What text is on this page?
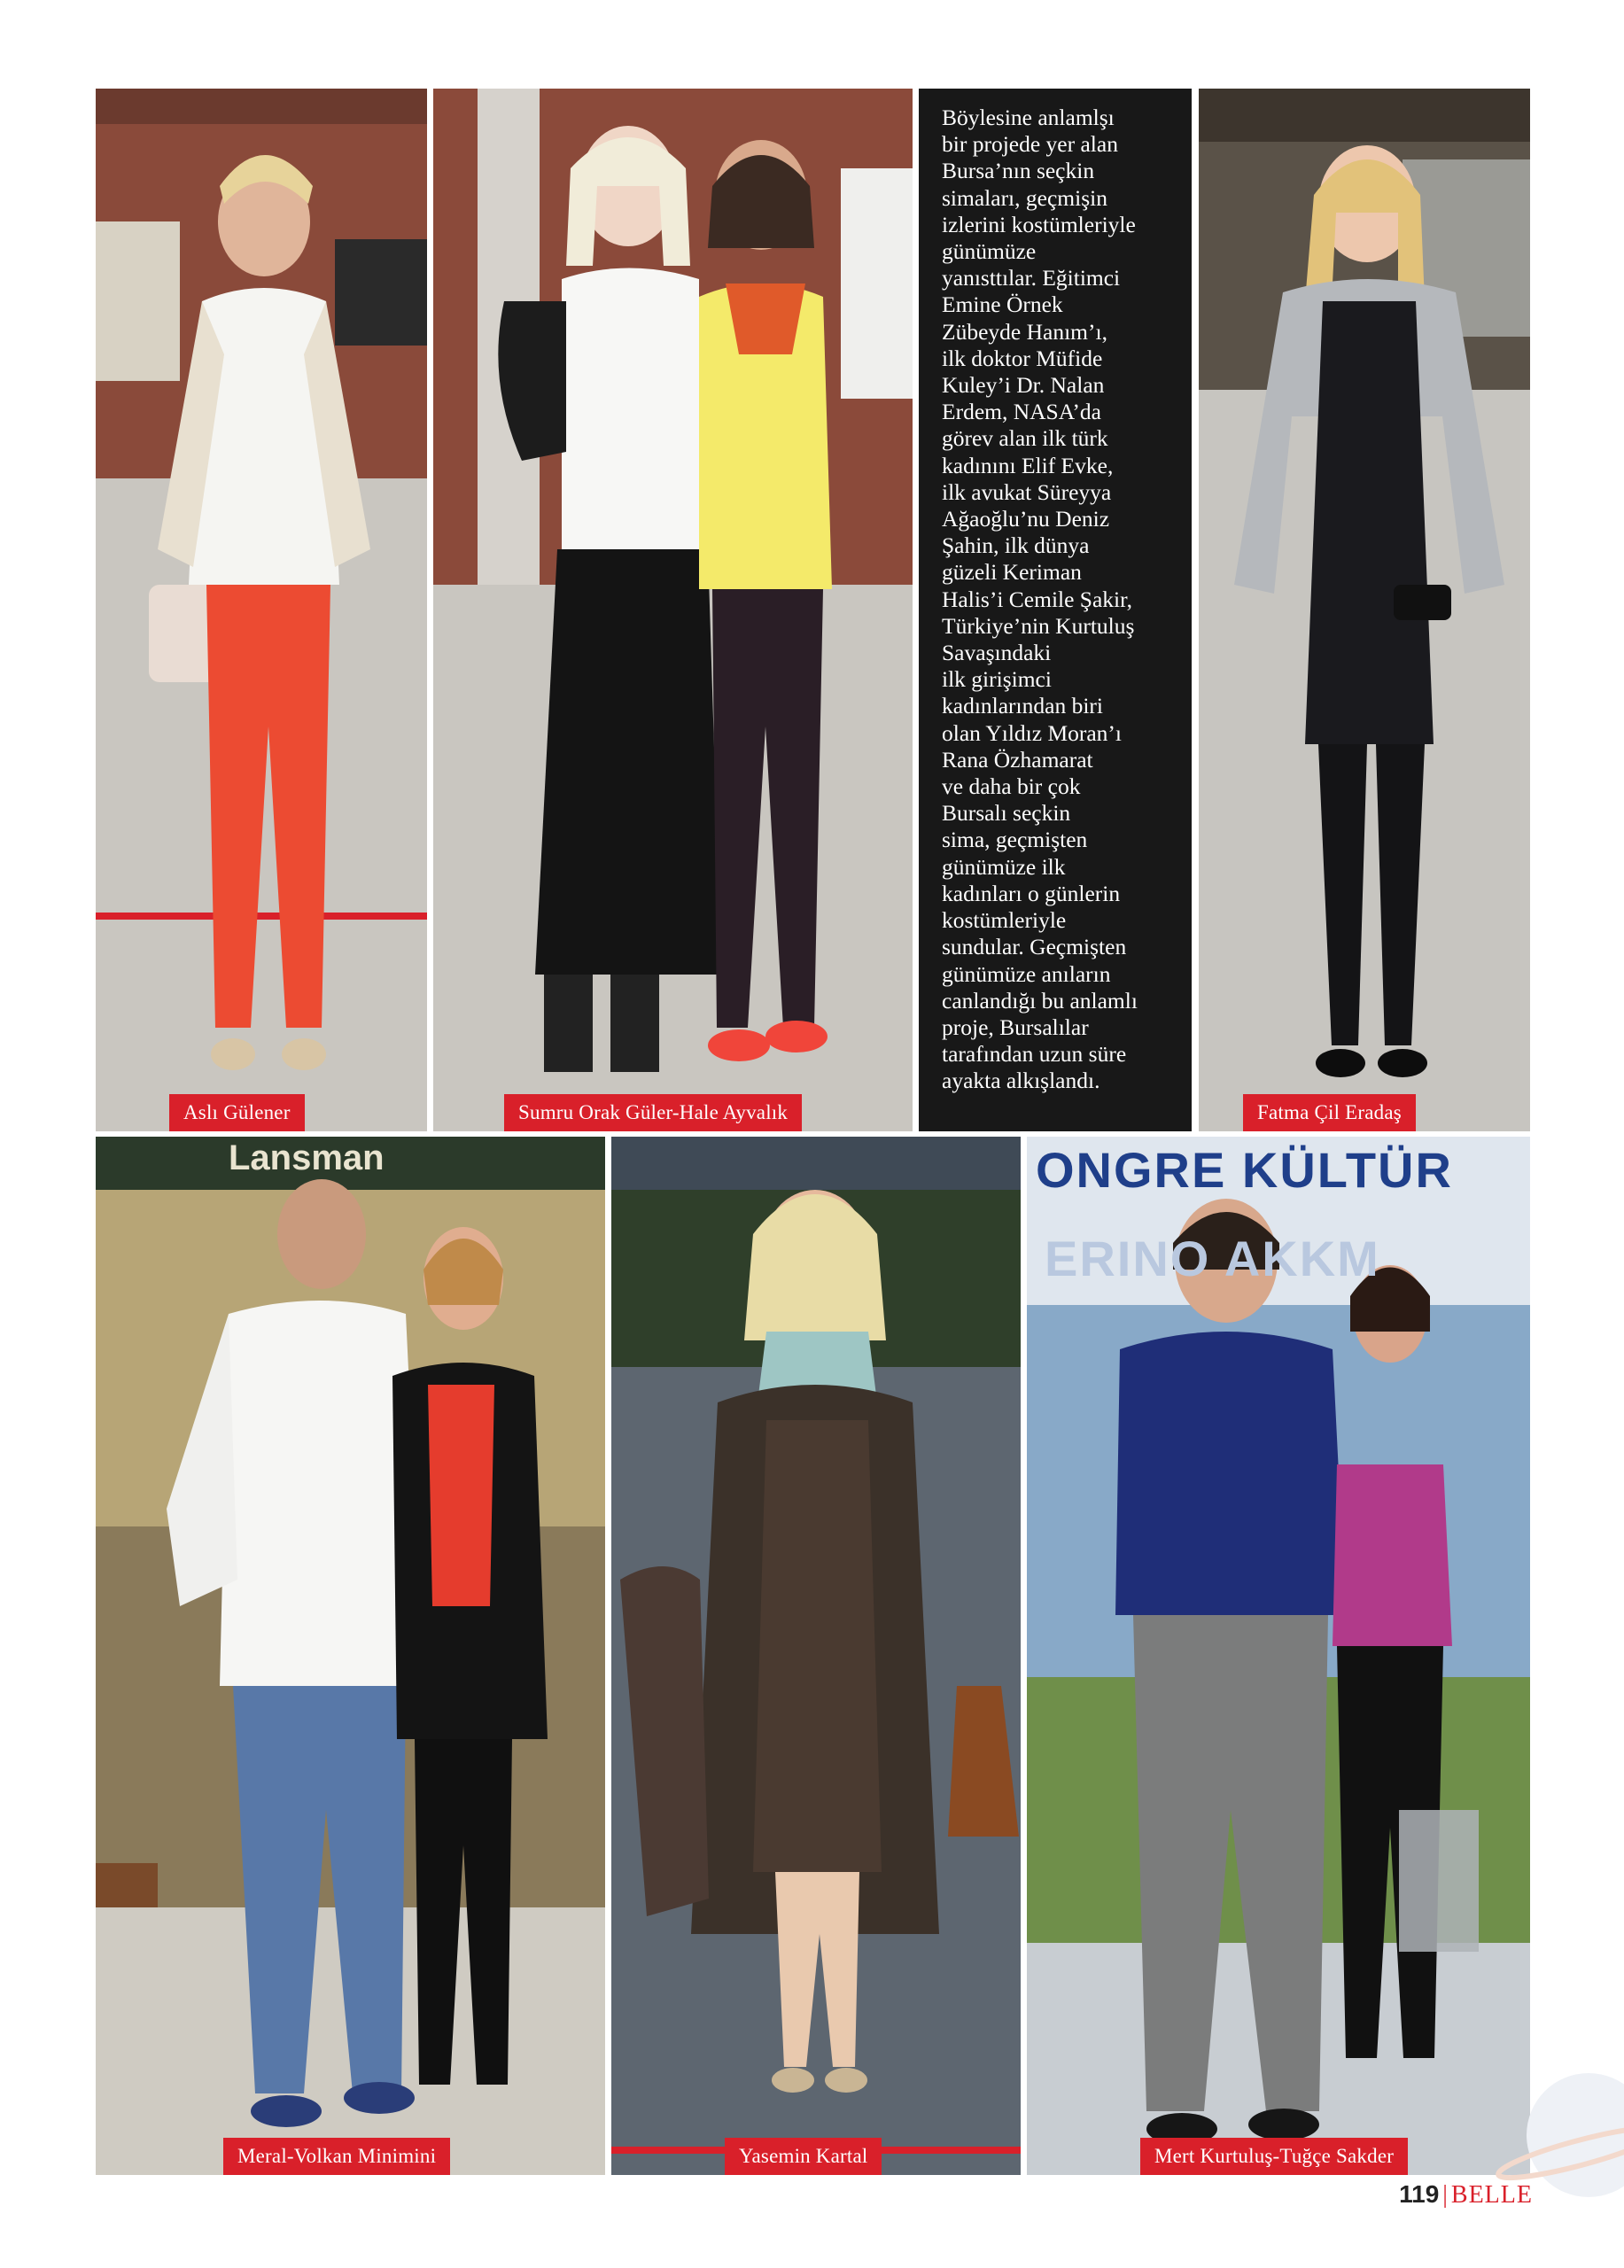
Aslı Gülener	Sumru Orak Güler-Hale Ayvalık
Böylesine anlamlşı
bir projede yer alan
Bursa’nın seçkin
simaları, geçmişin
izlerini kostümleriyle
günümüze
yanısttılar. Eğitimci
Emine Örnek
Zübeyde Hanım’ı,
ilk doktor Müfide
Kuley’i Dr. Nalan
Erdem, NASA’da
görev alan ilk türk
kadınını Elif Evke,
ilk avukat Süreyya
Ağaoğlu’nu Deniz
Şahin, ilk dünya
güzeli Keriman
Halis’i Cemile Şakir,
Türkiye’nin Kurtuluş
Savaşındaki
ilk girişimci
kadınlarından biri
olan Yıldız Moran’ı
Rana Özhamarat
ve daha bir çok
Bursalı seçkin
sima, geçmişten
günümüze ilk
kadınları o günlerin
kostümleriyle
sundular. Geçmişten
günümüze anıların
canlandığı bu anlamlı
proje, Bursalılar
tarafından uzun süre
ayakta alkışlandı.
Fatma Çil Eradaş
Lansman
Meral-Volkan Minimini	Yasemin Kartal
ONGRE KÜLTÜR
ERINO AKKM
Mert Kurtuluş-Tuğçe Sakder
119 | BELLE
